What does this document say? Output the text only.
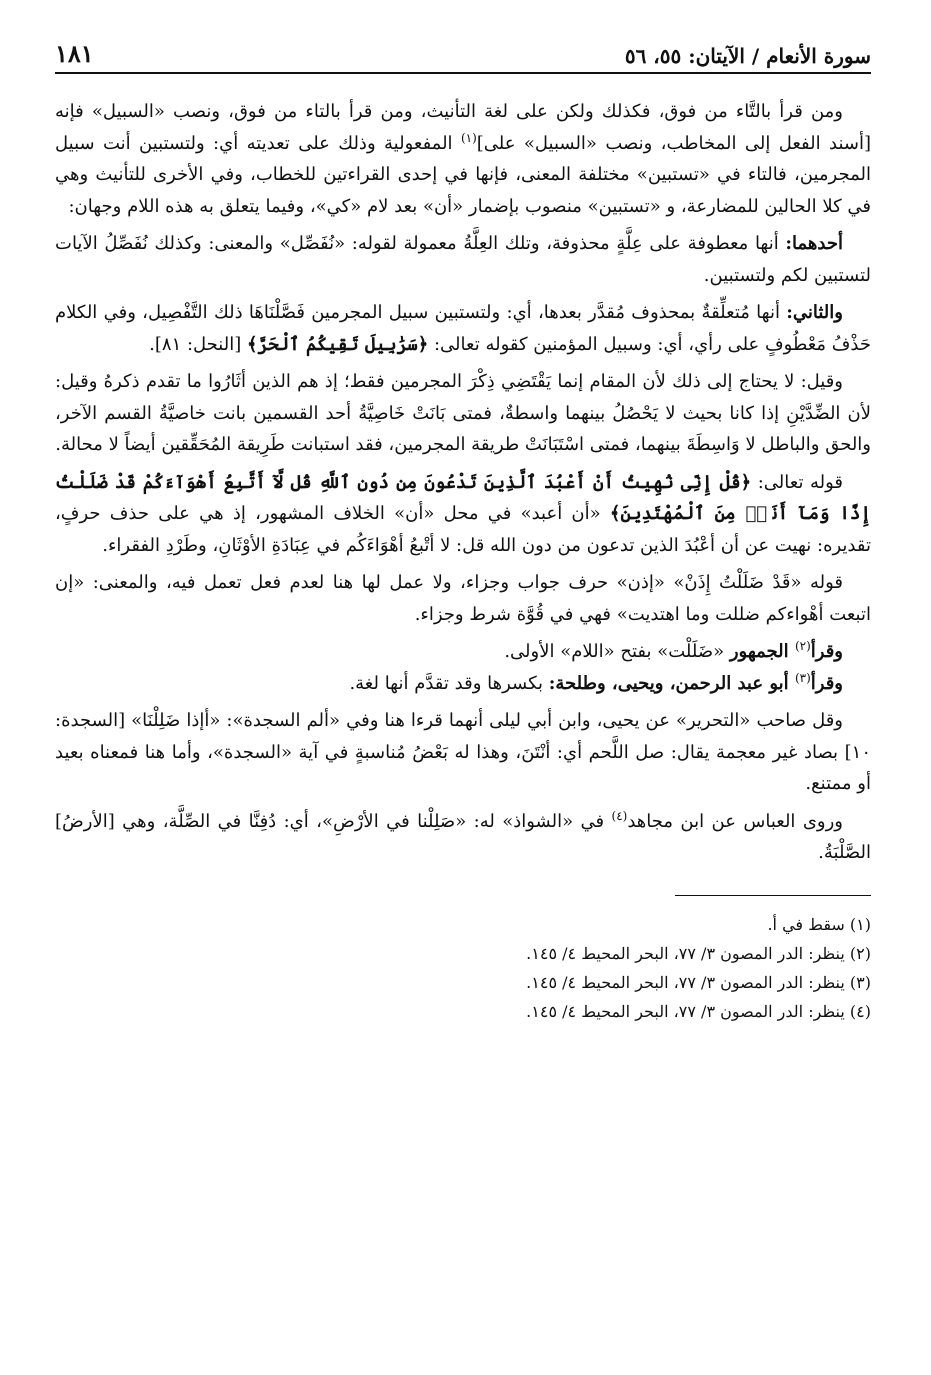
سورة الأنعام / الآيتان: ٥٥، ٥٦
١٨١

ومن قرأ بالتَّاء من فوق، فكذلك ولكن على لغة التأنيث، ومن قرأ بالتاء من فوق، ونصب «السبيل» فإنه [أسند الفعل إلى المخاطب، ونصب «السبيل» على]$^{(١)}$ المفعولية وذلك على تعديته أي: ولتستبين أنت سبيل المجرمين، فالتاء في «تستبين» مختلفة المعنى، فإنها في إحدى القراءتين للخطاب، وفي الأخرى للتأنيث وهي في كلا الحالين للمضارعة، و «تستبين» منصوب بإضمار «أن» بعد لام «كي»، وفيما يتعلق به هذه اللام وجهان:

أحدهما: أنها معطوفة على عِلَّةٍ محذوفة، وتلك العِلَّةُ معمولة لقوله: «نُفَصِّل» والمعنى: وكذلك نُفَصِّلُ الآيات لتستبين لكم ولتستبين.

والثاني: أنها مُتعلِّقةٌ بمحذوف مُقدَّر بعدها، أي: ولتستبين سبيل المجرمين فَصَّلْنَاهَا ذلك التَّفْصِيل، وفي الكلام حَذْفُ مَعْطُوفٍ على رأي، أي: وسبيل المؤمنين كقوله تعالى: ﴿سَرَٰبِيلَ تَقِيكُمُ ٱلْحَرَّ﴾ [النحل: ٨١].

وقيل: لا يحتاج إلى ذلك لأن المقام إنما يَقْتَضِي ذِكْرَ المجرمين فقط؛ إذ هم الذين أثَارُوا ما تقدم ذكرهُ وقيل: لأن الضِّدَّيْنِ إذا كانا بحيث لا يَحْصُلُ بينهما واسطةٌ، فمتى بَانَتْ خَاصِيَّةُ أحد القسمين بانت خاصيَّةُ القسم الآخر، والحق والباطل لا وَاسِطَةَ بينهما، فمتى اسْتَبَانَتْ طريقة المجرمين، فقد استبانت طَرِيقة المُحَقِّقين أيضاً لا محالة.

قوله تعالى: ﴿قُلْ إِنِّى نُهِيتُ أَنْ أَعْبُدَ ٱلَّذِينَ تَدْعُونَ مِن دُونِ ٱللَّهِ قُل لَّآ أَتَّبِعُ أَهْوَآءَكُمْ قَدْ ضَلَلْتُ إِذًا وَمَآ أَنَا۠ مِنَ ٱلْمُهْتَدِينَ﴾ «أن أعبد» في محل «أن» الخلاف المشهور، إذ هي على حذف حرفٍ، تقديره: نهيت عن أن أعْبُدَ الذين تدعون من دون الله قل: لا أتْبعُ أهْوَاءَكُم في عِبَادَةِ الأوْثَانِ، وطَرْدِ الفقراء.

قوله «قَدْ ضَلَلْتُ إِذَنْ» «إذن» حرف جواب وجزاء، ولا عمل لها هنا لعدم فعل تعمل فيه، والمعنى: «إن اتبعت أهْواءكم ضللت وما اهتديت» فهي في قُوَّة شرط وجزاء.

وقرأ$^{(٢)}$ الجمهور «ضَلَلْت» بفتح «اللام» الأولى.

وقرأ$^{(٣)}$ أبو عبد الرحمن، ويحيى، وطلحة: بكسرها وقد تقدَّم أنها لغة.

وقل صاحب «التحرير» عن يحيى، وابن أبي ليلى أنهما قرءا هنا وفي «ألم السجدة»: «أإذا ضَلِلْنَا» [السجدة: ١٠] بصاد غير معجمة يقال: صل اللَّحم أي: أنْتَنَ، وهذا له بَعْضُ مُناسبةٍ في آية «السجدة»، وأما هنا فمعناه بعيد أو ممتنع.

وروى العباس عن ابن مجاهد$^{(٤)}$ في «الشواذ» له: «صَلِلْنا في الأرْضِ»، أي: دُفِنَّا في الصِّلَّة، وهي [الأرضُ] الصَّلْبَةُ.

(١) سقط في أ.

(٢) ينظر: الدر المصون ٣/ ٧٧، البحر المحيط ٤/ ١٤٥.

(٣) ينظر: الدر المصون ٣/ ٧٧، البحر المحيط ٤/ ١٤٥.

(٤) ينظر: الدر المصون ٣/ ٧٧، البحر المحيط ٤/ ١٤٥.
